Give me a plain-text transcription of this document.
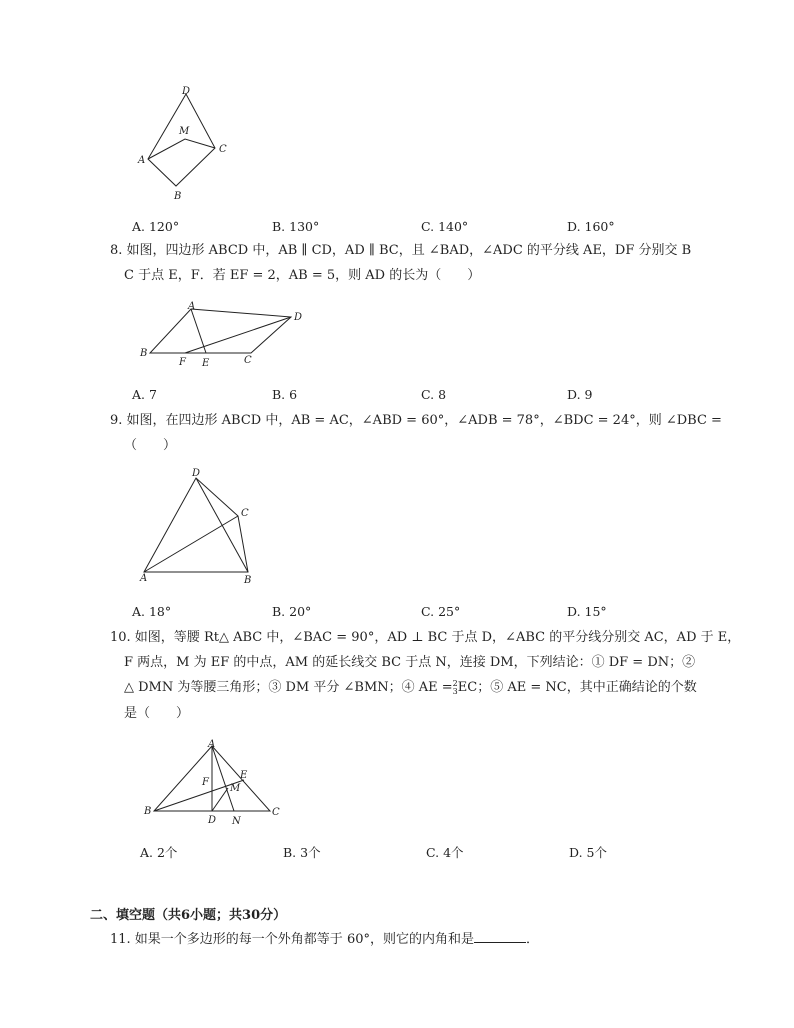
D
M
A
C
B
A. 120°	B. 130°	C. 140°	D. 160°
8. 如图，四边形 ABCD 中，AB ∥ CD，AD ∥ BC，且 ∠BAD，∠ADC 的平分线 AE，DF 分别交 B
C 于点 E，F．若 EF = 2，AB = 5，则 AD 的长为（　　）
A
D
B
F E	C
A. 7	B. 6	C. 8	D. 9
9. 如图，在四边形 ABCD 中，AB = AC，∠ABD = 60°，∠ADB = 78°，∠BDC = 24°，则 ∠DBC =
（　　）
D
C
A	B
A. 18°	B. 20°	C. 25°	D. 15°
10. 如图，等腰 Rt△ ABC 中，∠BAC = 90°，AD ⊥ BC 于点 D，∠ABC 的平分线分别交 AC，AD 于 E，
F 两点，M 为 EF 的中点，AM 的延长线交 BC 于点 N，连接 DM，下列结论：① DF = DN；②
△ DMN 为等腰三角形；③ DM 平分 ∠BMN；④ AE =2
3EC；⑤ AE = NC，其中正确结论的个数
是（　　）
A
E
F
M
B	C
D N
A. 2个	B. 3个	C. 4个	D. 5个
二、填空题（共6小题；共30分）
11. 如果一个多边形的每一个外角都等于 60°，则它的内角和是	．
